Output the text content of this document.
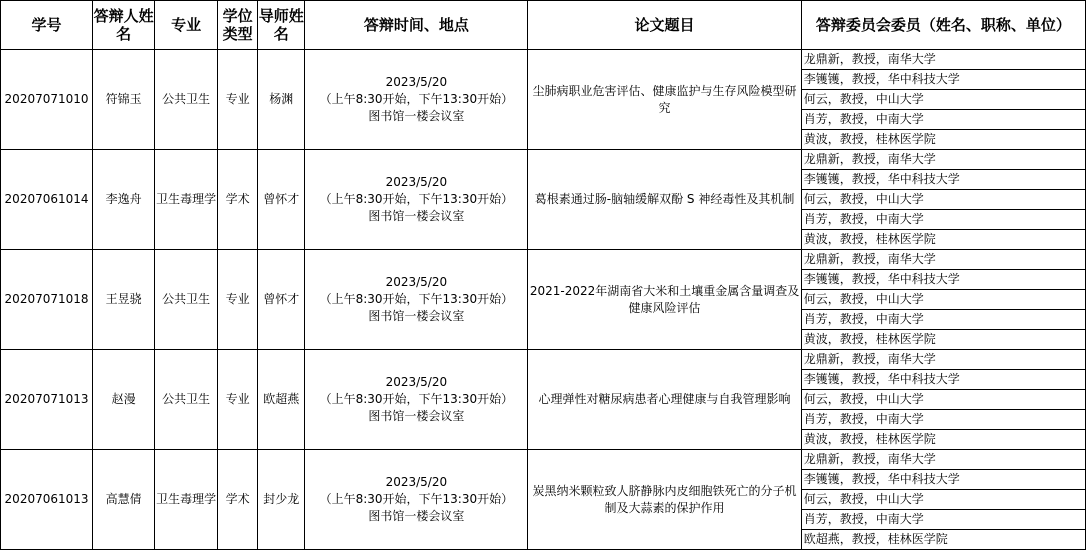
学号	答辩人姓名	专业	学位类型	导师姓名	答辩时间、地点	论文题目	答辩委员会委员（姓名、职称、单位）
20207071010	符锦玉	公共卫生	专业	杨渊	2023/5/20
（上午8:30开始，下午13:30开始）
图书馆一楼会议室	尘肺病职业危害评估、健康监护与生存风险模型研究	龙鼎新，教授，南华大学
							李镬镬，教授，华中科技大学
							何云，教授，中山大学
							肖芳，教授，中南大学
							黄波，教授，桂林医学院
20207061014	李逸舟	卫生毒理学	学术	曾怀才	2023/5/20
（上午8:30开始，下午13:30开始）
图书馆一楼会议室	葛根素通过肠-脑轴缓解双酚 S 神经毒性及其机制	龙鼎新，教授，南华大学
							李镬镬，教授，华中科技大学
							何云，教授，中山大学
							肖芳，教授，中南大学
							黄波，教授，桂林医学院
20207071018	王昱骁	公共卫生	专业	曾怀才	2023/5/20
（上午8:30开始，下午13:30开始）
图书馆一楼会议室	2021-2022年湖南省大米和土壤重金属含量调查及健康风险评估	龙鼎新，教授，南华大学
							李镬镬，教授，华中科技大学
							何云，教授，中山大学
							肖芳，教授，中南大学
							黄波，教授，桂林医学院
20207071013	赵漫	公共卫生	专业	欧超燕	2023/5/20
（上午8:30开始，下午13:30开始）
图书馆一楼会议室	心理弹性对糖尿病患者心理健康与自我管理影响	龙鼎新，教授，南华大学
							李镬镬，教授，华中科技大学
							何云，教授，中山大学
							肖芳，教授，中南大学
							黄波，教授，桂林医学院
20207061013	高慧倩	卫生毒理学	学术	封少龙	2023/5/20
（上午8:30开始，下午13:30开始）
图书馆一楼会议室	炭黑纳米颗粒致人脐静脉内皮细胞铁死亡的分子机制及大蒜素的保护作用	龙鼎新，教授，南华大学
							李镬镬，教授，华中科技大学
							何云，教授，中山大学
							肖芳，教授，中南大学
							欧超燕，教授，桂林医学院
